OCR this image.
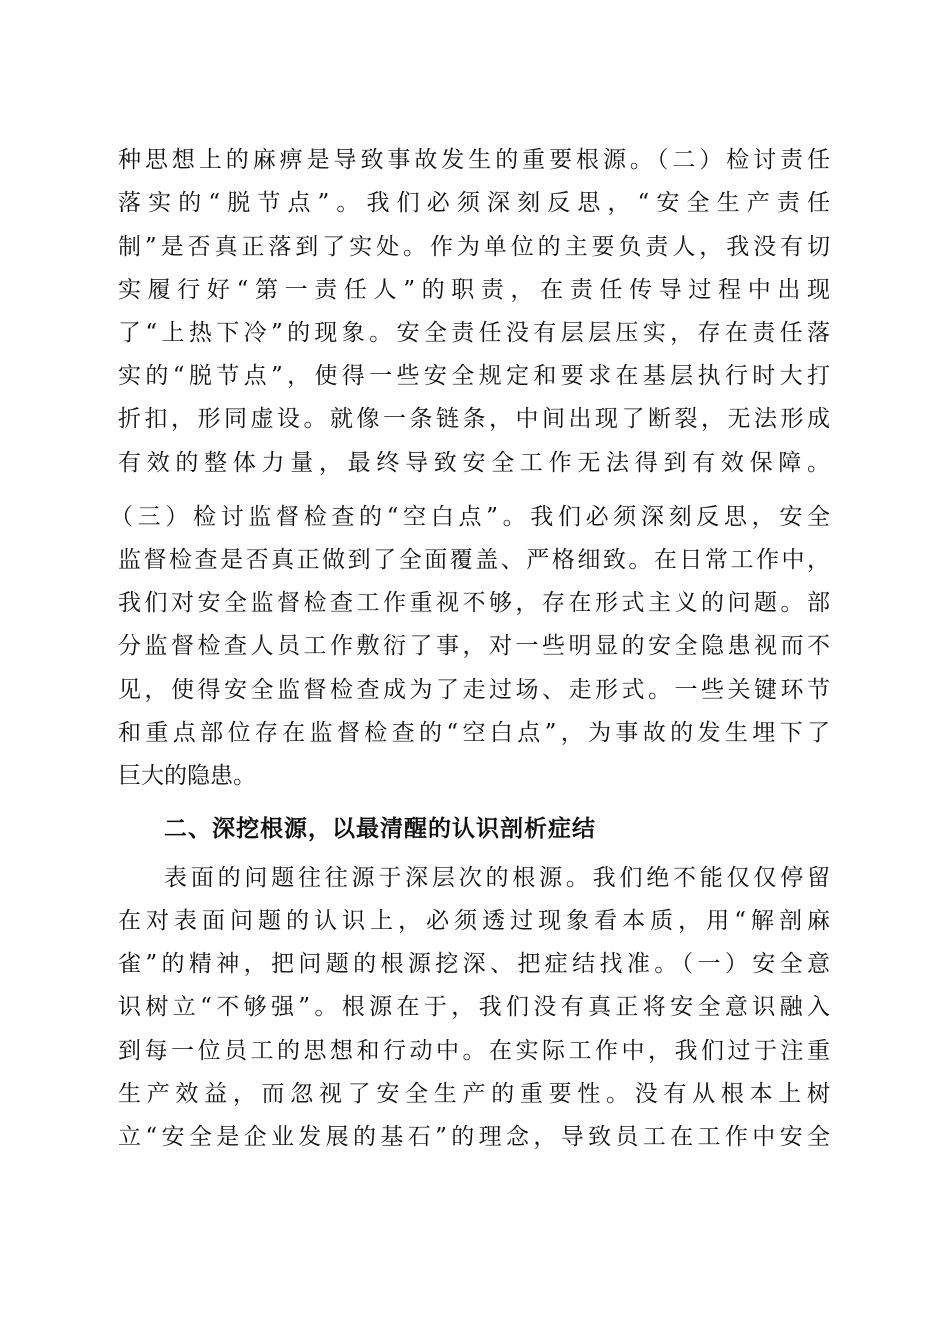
种思想上的麻痹是导致事故发生的重要根源。（二）检讨责任
落实的“脱节点”。我们必须深刻反思，“安全生产责任
制”是否真正落到了实处。作为单位的主要负责人，我没有切
实履行好“第一责任人”的职责，在责任传导过程中出现
了“上热下冷”的现象。安全责任没有层层压实，存在责任落
实的“脱节点”，使得一些安全规定和要求在基层执行时大打
折扣，形同虚设。就像一条链条，中间出现了断裂，无法形成
有效的整体力量，最终导致安全工作无法得到有效保障。
（三）检讨监督检查的“空白点”。我们必须深刻反思，安全
监督检查是否真正做到了全面覆盖、严格细致。在日常工作中，
我们对安全监督检查工作重视不够，存在形式主义的问题。部
分监督检查人员工作敷衍了事，对一些明显的安全隐患视而不
见，使得安全监督检查成为了走过场、走形式。一些关键环节
和重点部位存在监督检查的“空白点”，为事故的发生埋下了
巨大的隐患。
二、深挖根源，以最清醒的认识剖析症结
表面的问题往往源于深层次的根源。我们绝不能仅仅停留
在对表面问题的认识上，必须透过现象看本质，用“解剖麻
雀”的精神，把问题的根源挖深、把症结找准。（一）安全意
识树立“不够强”。根源在于，我们没有真正将安全意识融入
到每一位员工的思想和行动中。在实际工作中，我们过于注重
生产效益，而忽视了安全生产的重要性。没有从根本上树
立“安全是企业发展的基石”的理念，导致员工在工作中安全
